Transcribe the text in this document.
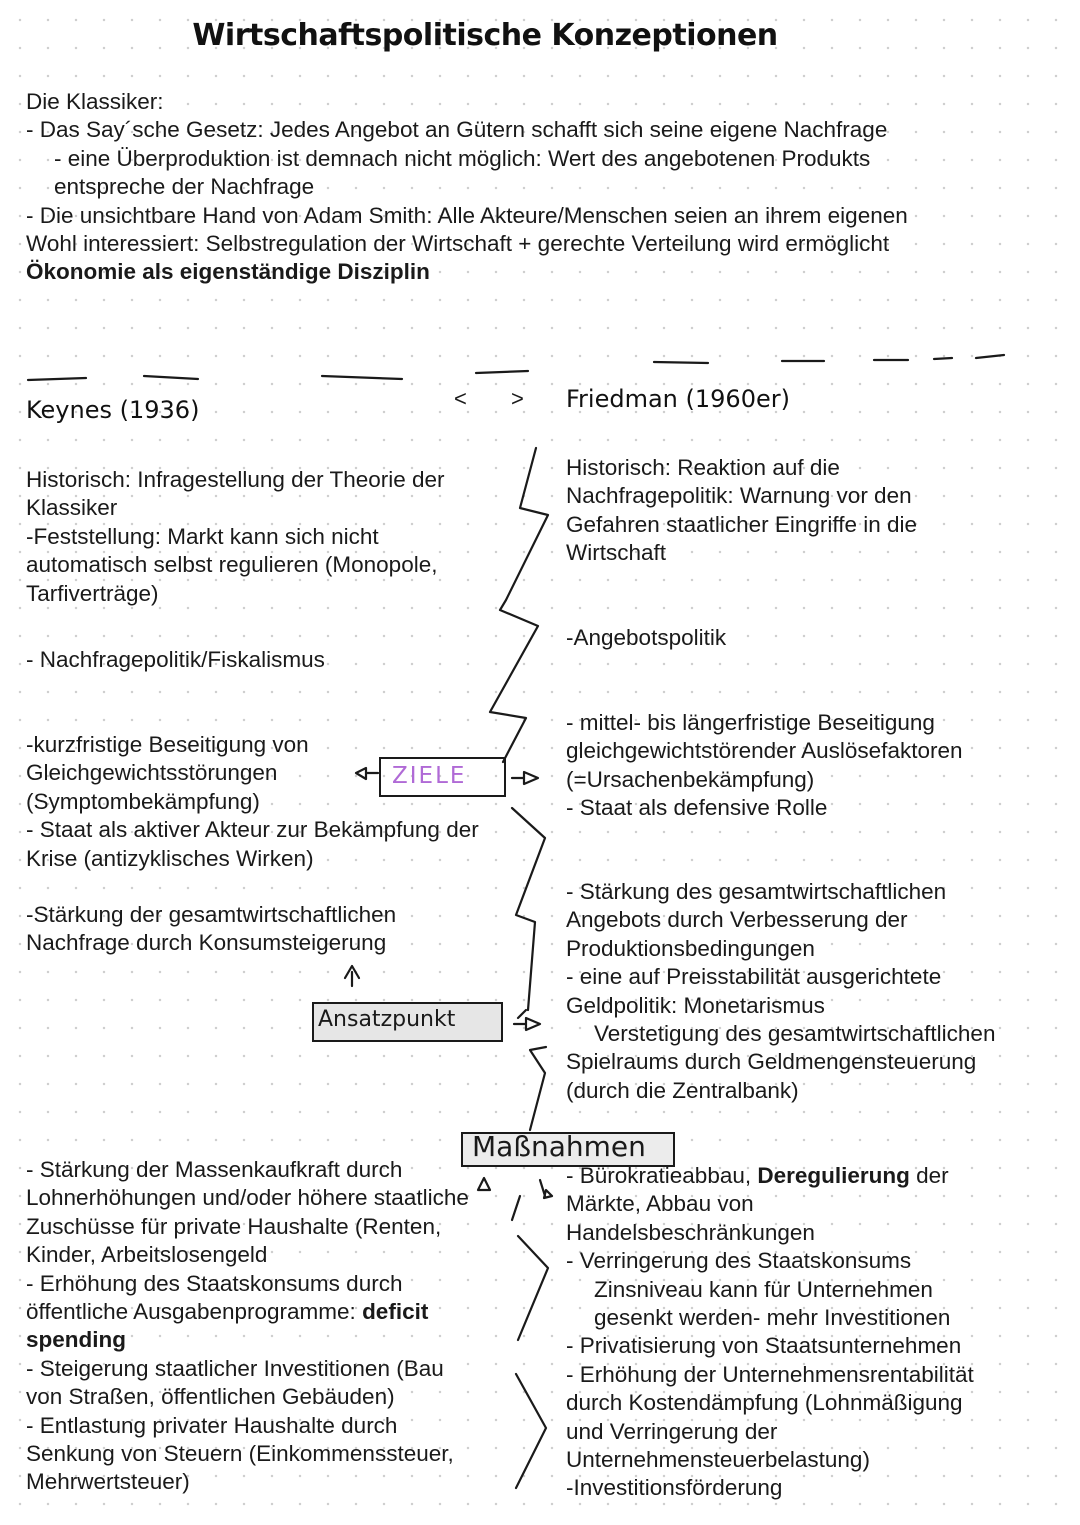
Wirtschaftspolitische Konzeptionen

Die Klassiker:

- Das Say´sche Gesetz: Jedes Angebot an Gütern schafft sich seine eigene Nachfrage

- eine Überproduktion ist demnach nicht möglich: Wert des angebotenen Produkts

entspreche der Nachfrage

- Die unsichtbare Hand von Adam Smith: Alle Akteure/Menschen seien an ihrem eigenen

Wohl interessiert: Selbstregulation der Wirtschaft + gerechte Verteilung wird ermöglicht

Ökonomie als eigenständige Disziplin

< >
ZIELE
Ansatzpunkt
Maßnahmen
Keynes (1936)

Historisch: Infragestellung der Theorie der

Klassiker

-Feststellung: Markt kann sich nicht

automatisch selbst regulieren (Monopole,

Tarfiverträge)

- Nachfragepolitik/Fiskalismus

-kurzfristige Beseitigung von

Gleichgewichtsstörungen

(Symptombekämpfung)

- Staat als aktiver Akteur zur Bekämpfung der

Krise (antizyklisches Wirken)

-Stärkung der gesamtwirtschaftlichen

Nachfrage durch Konsumsteigerung

- Stärkung der Massenkaufkraft durch

Lohnerhöhungen und/oder höhere staatliche

Zuschüsse für private Haushalte (Renten,

Kinder, Arbeitslosengeld

- Erhöhung des Staatskonsums durch

öffentliche Ausgabenprogramme: deficit

spending

- Steigerung staatlicher Investitionen (Bau

von Straßen, öffentlichen Gebäuden)

- Entlastung privater Haushalte durch

Senkung von Steuern (Einkommenssteuer,

Mehrwertsteuer)

Friedman (1960er)

Historisch: Reaktion auf die

Nachfragepolitik: Warnung vor den

Gefahren staatlicher Eingriffe in die

Wirtschaft

-Angebotspolitik

- mittel- bis längerfristige Beseitigung

gleichgewichtstörender Auslösefaktoren

(=Ursachenbekämpfung)

- Staat als defensive Rolle

- Stärkung des gesamtwirtschaftlichen

Angebots durch Verbesserung der

Produktionsbedingungen

- eine auf Preisstabilität ausgerichtete

Geldpolitik: Monetarismus

Verstetigung des gesamtwirtschaftlichen

Spielraums durch Geldmengensteuerung

(durch die Zentralbank)

- Bürokratieabbau, Deregulierung der

Märkte, Abbau von

Handelsbeschränkungen

- Verringerung des Staatskonsums

Zinsniveau kann für Unternehmen

gesenkt werden- mehr Investitionen

- Privatisierung von Staatsunternehmen

- Erhöhung der Unternehmensrentabilität

durch Kostendämpfung (Lohnmäßigung

und Verringerung der

Unternehmensteuerbelastung)

-Investitionsförderung
